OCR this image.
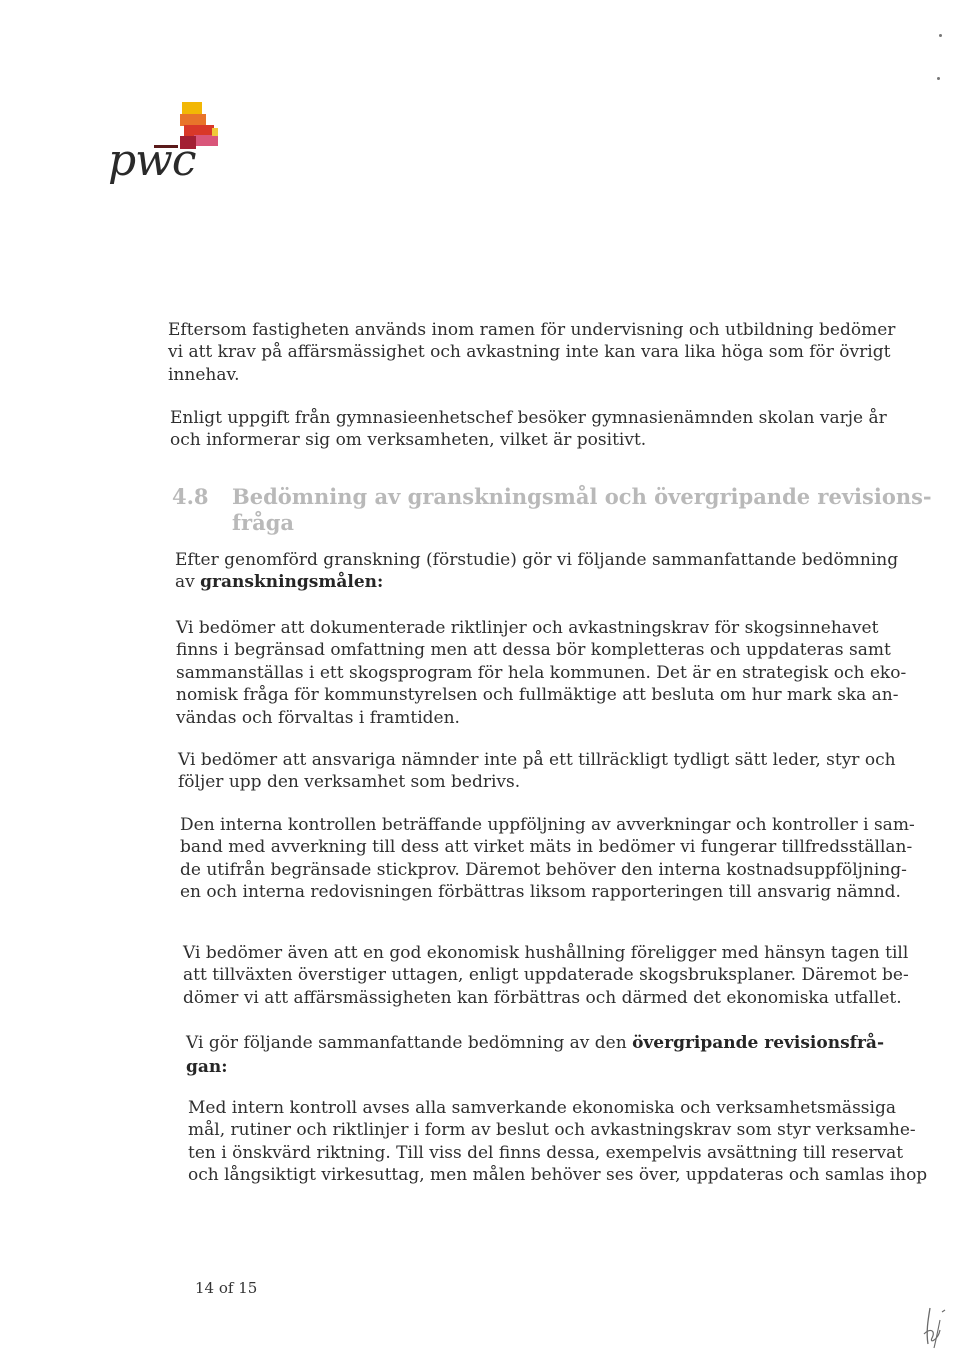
pwc
Eftersom fastigheten används inom ramen för undervisning och utbildning bedömer
vi att krav på affärsmässighet och avkastning inte kan vara lika höga som för övrigt
innehav.
Enligt uppgift från gymnasieenhetschef besöker gymnasienämnden skolan varje år
och informerar sig om verksamheten, vilket är positivt.
4.8 Bedömning av granskningsmål och övergripande revisions-
fråga
Efter genomförd granskning (förstudie) gör vi följande sammanfattande bedömning
av granskningsmålen:
Vi bedömer att dokumenterade riktlinjer och avkastningskrav för skogsinnehavet
finns i begränsad omfattning men att dessa bör kompletteras och uppdateras samt
sammanställas i ett skogsprogram för hela kommunen. Det är en strategisk och eko-
nomisk fråga för kommunstyrelsen och fullmäktige att besluta om hur mark ska an-
vändas och förvaltas i framtiden.
Vi bedömer att ansvariga nämnder inte på ett tillräckligt tydligt sätt leder, styr och
följer upp den verksamhet som bedrivs.
Den interna kontrollen beträffande uppföljning av avverkningar och kontroller i sam-
band med avverkning till dess att virket mäts in bedömer vi fungerar tillfredsställan-
de utifrån begränsade stickprov. Däremot behöver den interna kostnadsuppföljning-
en och interna redovisningen förbättras liksom rapporteringen till ansvarig nämnd.
Vi bedömer även att en god ekonomisk hushållning föreligger med hänsyn tagen till
att tillväxten överstiger uttagen, enligt uppdaterade skogsbruksplaner. Däremot be-
dömer vi att affärsmässigheten kan förbättras och därmed det ekonomiska utfallet.
Vi gör följande sammanfattande bedömning av den övergripande revisionsfrå-
gan:
Med intern kontroll avses alla samverkande ekonomiska och verksamhetsmässiga
mål, rutiner och riktlinjer i form av beslut och avkastningskrav som styr verksamhe-
ten i önskvärd riktning. Till viss del finns dessa, exempelvis avsättning till reservat
och långsiktigt virkesuttag, men målen behöver ses över, uppdateras och samlas ihop
14 of 15
